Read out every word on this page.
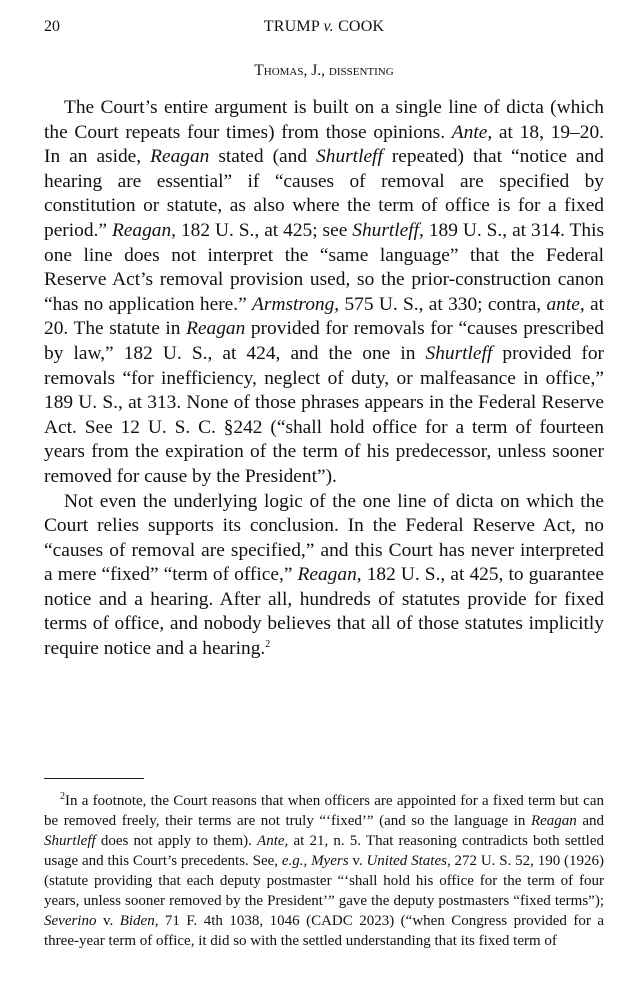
20	TRUMP v. COOK
Thomas, J., dissenting

The Court’s entire argument is built on a single line of dicta (which the Court repeats four times) from those opinions. Ante, at 18, 19–20. In an aside, Reagan stated (and Shurtleff repeated) that “notice and hearing are essential” if “causes of removal are specified by constitution or statute, as also where the term of office is for a fixed period.” Reagan, 182 U. S., at 425; see Shurtleff, 189 U. S., at 314. This one line does not interpret the “same language” that the Federal Reserve Act’s removal provision used, so the prior-construction canon “has no application here.” Armstrong, 575 U. S., at 330; contra, ante, at 20. The statute in Reagan provided for removals for “causes prescribed by law,” 182 U. S., at 424, and the one in Shurtleff provided for removals “for inefficiency, neglect of duty, or malfeasance in office,” 189 U. S., at 313. None of those phrases appears in the Federal Reserve Act. See 12 U. S. C. §242 (“shall hold office for a term of fourteen years from the expiration of the term of his predecessor, unless sooner removed for cause by the President”).

Not even the underlying logic of the one line of dicta on which the Court relies supports its conclusion. In the Federal Reserve Act, no “causes of removal are specified,” and this Court has never interpreted a mere “fixed” “term of office,” Reagan, 182 U. S., at 425, to guarantee notice and a hearing. After all, hundreds of statutes provide for fixed terms of office, and nobody believes that all of those statutes implicitly require notice and a hearing.$^2$

$^2$In a footnote, the Court reasons that when officers are appointed for a fixed term but can be removed freely, their terms are not truly “‘fixed’” (and so the language in Reagan and Shurtleff does not apply to them). Ante, at 21, n. 5. That reasoning contradicts both settled usage and this Court’s precedents. See, e.g., Myers v. United States, 272 U. S. 52, 190 (1926) (statute providing that each deputy postmaster “‘shall hold his office for the term of four years, unless sooner removed by the President’” gave the deputy postmasters “fixed terms”); Severino v. Biden, 71 F. 4th 1038, 1046 (CADC 2023) (“when Congress provided for a three-year term of office, it did so with the settled understanding that its fixed term of
